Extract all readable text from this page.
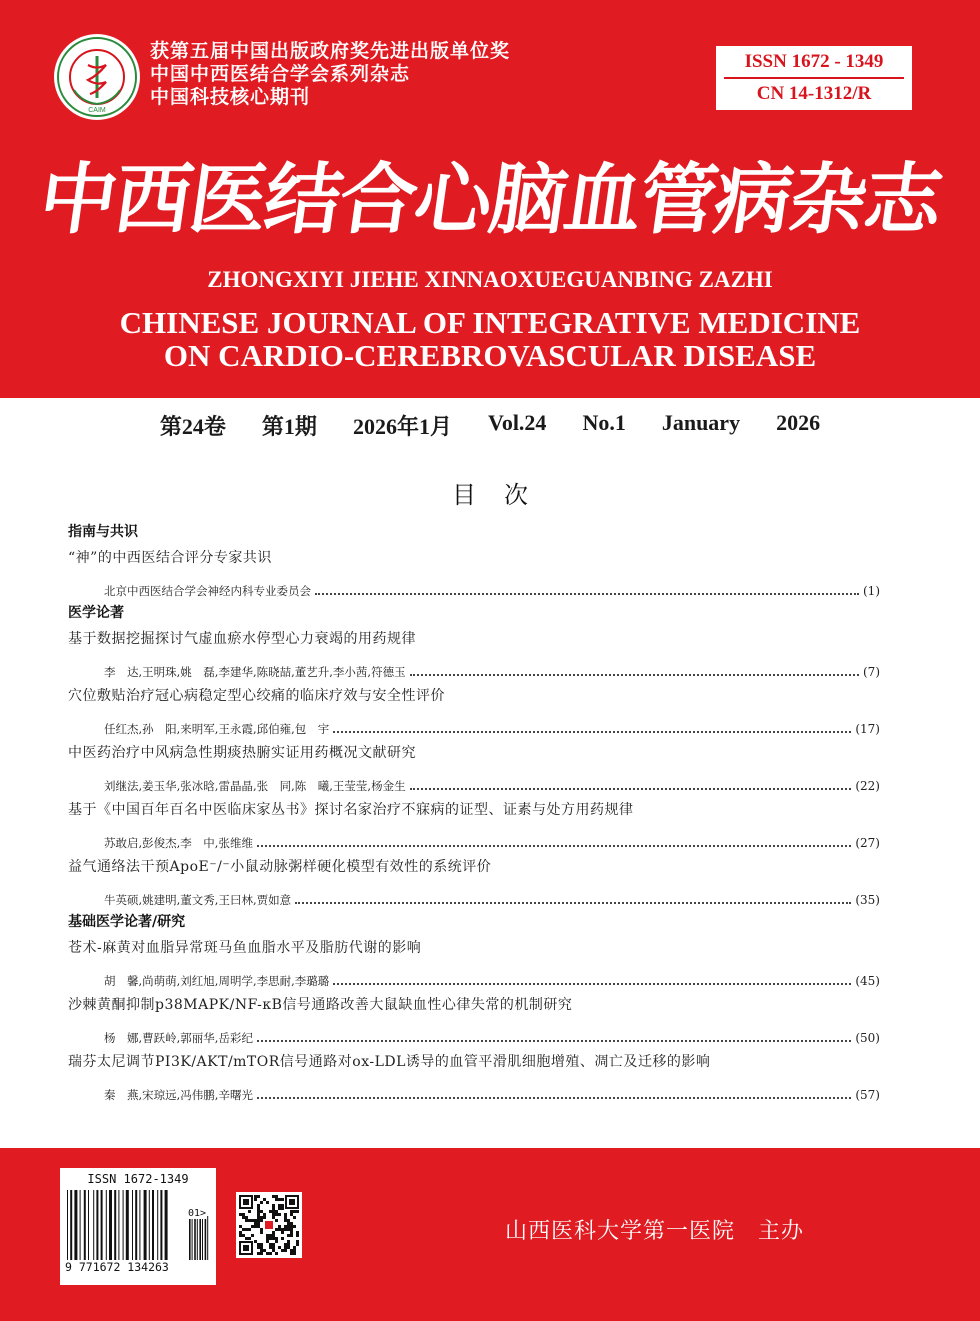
CAIM
获第五届中国出版政府奖先进出版单位奖
中国中西医结合学会系列杂志
中国科技核心期刊
ISSN 1672 - 1349
CN 14-1312/R
中西医结合心脑血管病杂志
ZHONGXIYI JIEHE XINNAOXUEGUANBING ZAZHI
CHINESE JOURNAL OF INTEGRATIVE MEDICINE
ON CARDIO-CEREBROVASCULAR DISEASE
第24卷 第1期 2026年1月 Vol.24 No.1 January 2026
目次
指南与共识
“神”的中西医结合评分专家共识
北京中西医结合学会神经内科专业委员会	(1)
医学论著
基于数据挖掘探讨气虚血瘀水停型心力衰竭的用药规律
李　达,王明珠,姚　磊,李建华,陈晓喆,董艺升,李小茜,符德玉	(7)
穴位敷贴治疗冠心病稳定型心绞痛的临床疗效与安全性评价
任红杰,孙　阳,来明军,王永霞,邱伯雍,包　宇	(17)
中医药治疗中风病急性期痰热腑实证用药概况文献研究
刘继法,姜玉华,张冰晗,雷晶晶,张　同,陈　曦,王莹莹,杨金生	(22)
基于《中国百年百名中医临床家丛书》探讨名家治疗不寐病的证型、证素与处方用药规律
苏敢启,彭俊杰,李　中,张维维	(27)
益气通络法干预ApoE⁻/⁻小鼠动脉粥样硬化模型有效性的系统评价
牛英硕,姚建明,董文秀,王曰林,贾如意	(35)
基础医学论著/研究
苍术-麻黄对血脂异常斑马鱼血脂水平及脂肪代谢的影响
胡　馨,尚萌萌,刘红旭,周明学,李思耐,李璐璐	(45)
沙棘黄酮抑制p38MAPK/NF-κB信号通路改善大鼠缺血性心律失常的机制研究
杨　娜,曹跃岭,郭丽华,岳彩纪	(50)
瑞芬太尼调节PI3K/AKT/mTOR信号通路对ox-LDL诱导的血管平滑肌细胞增殖、凋亡及迁移的影响
秦　燕,宋琼远,冯伟鹏,辛曙光	(57)
ISSN 1672-1349
01>
9 771672 134263
山西医科大学第一医院　主办
